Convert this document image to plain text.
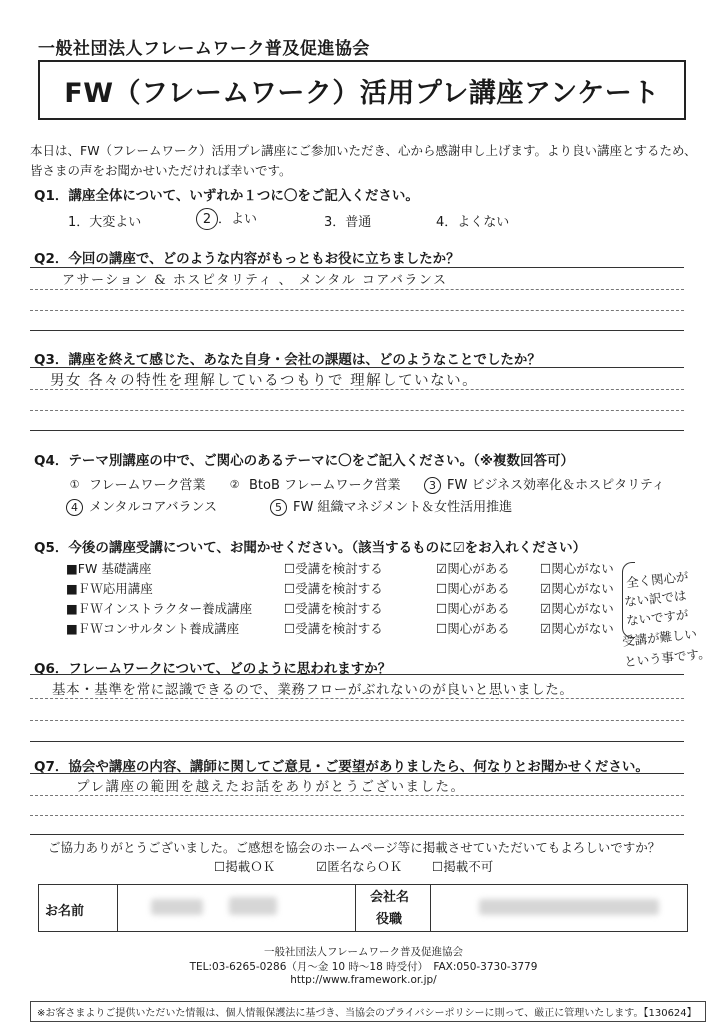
一般社団法人フレームワーク普及促進協会
FW（フレームワーク）活用プレ講座アンケート
本日は、FW（フレームワーク）活用プレ講座にご参加いただき、心から感謝申し上げます。より良い講座とするため、皆さまの声をお聞かせいただければ幸いです。
Q1．講座全体について、いずれか１つに〇をご記入ください。
1．大変よい	2 ．よい	3．普通	4．よくない
Q2．今回の講座で、どのような内容がもっともお役に立ちましたか？
アサーション & ホスピタリティ 、 メンタル コアバランス
Q3．講座を終えて感じた、あなた自身・会社の課題は、どのようなことでしたか？
男女 各々の特性を理解しているつもりで 理解していない。
Q4．テーマ別講座の中で、ご関心のあるテーマに〇をご記入ください。（※複数回答可）
① フレームワーク営業	② BtoB フレームワーク営業	3 FW ビジネス効率化＆ホスピタリティ
4 メンタルコアバランス	5 FW 組織マネジメント＆女性活用推進
Q5．今後の講座受講について、お聞かせください。（該当するものに☑をお入れください）
■FW 基礎講座	☐受講を検討する	☑関心がある ☐関心がない
■ＦＷ応用講座	☐受講を検討する	☐関心がある ☑関心がない
■ＦＷインストラクター養成講座	☐受講を検討する	☐関心がある ☑関心がない
■ＦＷコンサルタント養成講座	☐受講を検討する	☐関心がある ☑関心がない
全く関心が
ない訳では
ないですが
受講が難しい
という事です。
Q6．フレームワークについて、どのように思われますか？
基本・基準を常に認識できるので、業務フローがぶれないのが良いと思いました。
Q7．協会や講座の内容、講師に関してご意見・ご要望がありましたら、何なりとお聞かせください。
プレ講座の範囲を越えたお話をありがとうございました。
ご協力ありがとうございました。ご感想を協会のホームページ等に掲載させていただいてもよろしいですか？
☐掲載ＯＫ	☑匿名ならＯＫ ☐掲載不可
お名前
会社名
役職
一般社団法人フレームワーク普及促進協会
TEL:03-6265-0286（月～金 10 時～18 時受付）　FAX:050-3730-3779
http://www.framework.or.jp/
※お客さまよりご提供いただいた情報は、個人情報保護法に基づき、当協会のプライバシーポリシーに則って、厳正に管理いたします。【130624】
